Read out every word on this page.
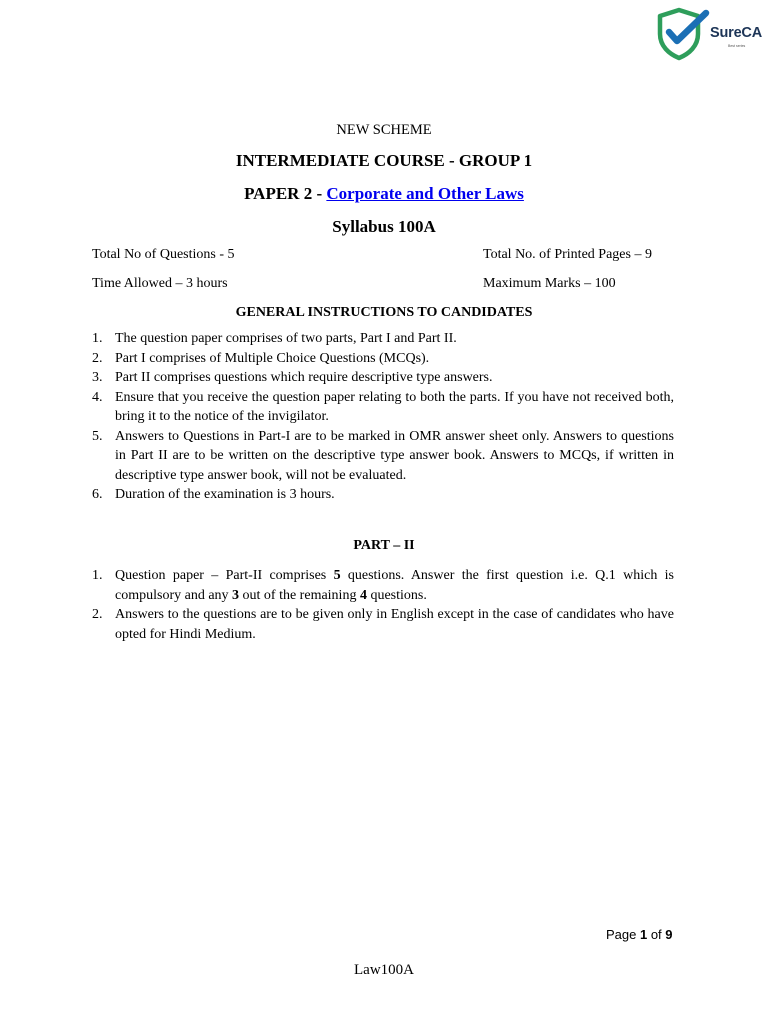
SureCA
Best series
NEW SCHEME
INTERMEDIATE COURSE - GROUP 1
PAPER 2 - Corporate and Other Laws
Syllabus 100A
Total No of Questions - 5	Total No. of Printed Pages – 9
Time Allowed – 3 hours	Maximum Marks – 100
GENERAL INSTRUCTIONS TO CANDIDATES
1. The question paper comprises of two parts, Part I and Part II.
2. Part I comprises of Multiple Choice Questions (MCQs).
3. Part II comprises questions which require descriptive type answers.
4. Ensure that you receive the question paper relating to both the parts. If you have not received both, bring it to the notice of the invigilator.
5. Answers to Questions in Part-I are to be marked in OMR answer sheet only. Answers to questions in Part II are to be written on the descriptive type answer book. Answers to MCQs, if written in descriptive type answer book, will not be evaluated.
6. Duration of the examination is 3 hours.
PART – II
1. Question paper – Part-II comprises 5 questions. Answer the first question i.e. Q.1 which is compulsory and any 3 out of the remaining 4 questions.
2. Answers to the questions are to be given only in English except in the case of candidates who have opted for Hindi Medium.
Page 1 of 9
Law100A
